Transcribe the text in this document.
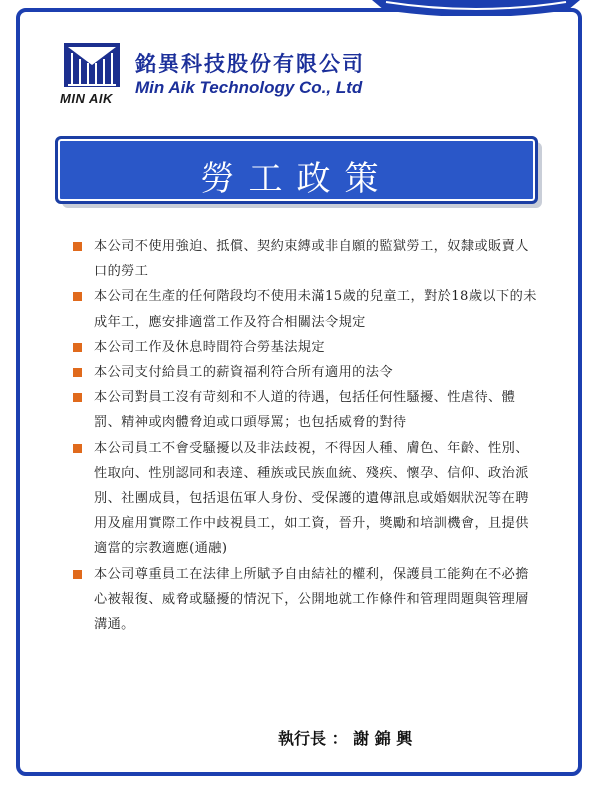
MIN AIK
銘異科技股份有限公司
Min Aik Technology Co., Ltd
勞工政策
本公司不使用強迫、抵償、契約束縛或非自願的監獄勞工，奴隸或販賣人口的勞工
本公司在生產的任何階段均不使用未滿15歲的兒童工，對於18歲以下的未成年工，應安排適當工作及符合相關法令規定
本公司工作及休息時間符合勞基法規定
本公司支付給員工的薪資福利符合所有適用的法令
本公司對員工沒有苛刻和不人道的待遇，包括任何性騷擾、性虐待、體罰、精神或肉體脅迫或口頭辱罵；也包括威脅的對待
本公司員工不會受騷擾以及非法歧視，不得因人種、膚色、年齡、性別、性取向、性別認同和表達、種族或民族血統、殘疾、懷孕、信仰、政治派別、社團成員，包括退伍軍人身份、受保護的遺傳訊息或婚姻狀況等在聘用及雇用實際工作中歧視員工，如工資，晉升，獎勵和培訓機會，且提供適當的宗教適應(通融)
本公司尊重員工在法律上所賦予自由結社的權利，保護員工能夠在不必擔心被報復、威脅或騷擾的情況下，公開地就工作條件和管理問題與管理層溝通。
執行長 ： 謝 錦 興
